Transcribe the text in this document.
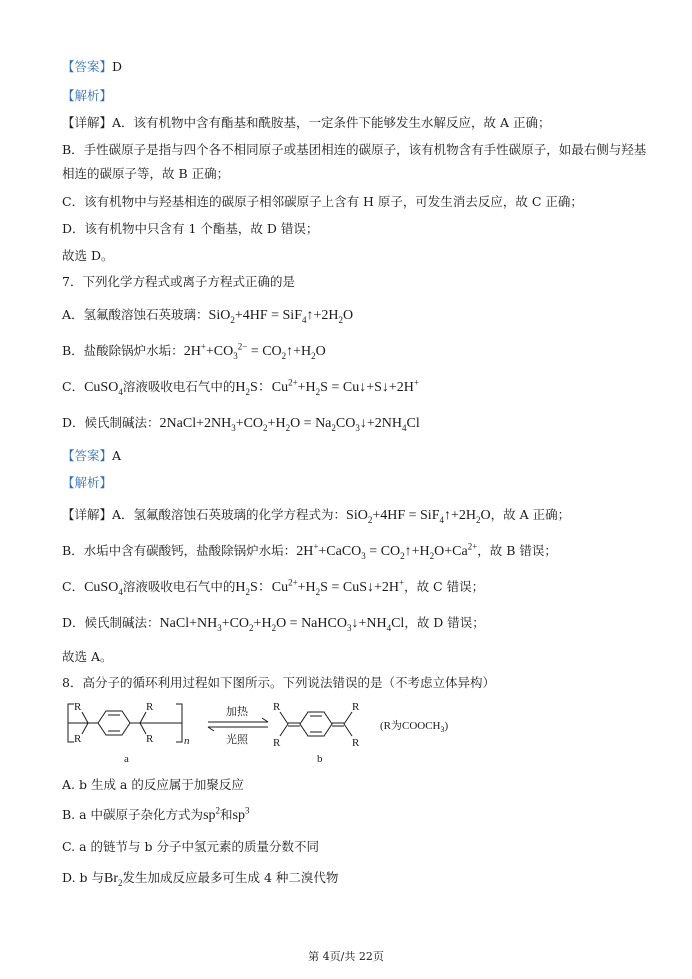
【答案】D
【解析】
【详解】A．该有机物中含有酯基和酰胺基，一定条件下能够发生水解反应，故 A 正确；
B．手性碳原子是指与四个各不相同原子或基团相连的碳原子，该有机物含有手性碳原子，如最右侧与羟基
相连的碳原子等，故 B 正确；
C．该有机物中与羟基相连的碳原子相邻碳原子上含有 H 原子，可发生消去反应，故 C 正确；
D．该有机物中只含有 1 个酯基，故 D 错误；
故选 D。
7．下列化学方程式或离子方程式正确的是
A．氢氟酸溶蚀石英玻璃：$SiO_2+4HF = SiF_4↑+2H_2O$
B．盐酸除锅炉水垢：$2H^++CO_3^{2-}$ = $CO_2↑+H_2O$
C．CuSO$_4$溶液吸收电石气中的$H_2S$：$Cu^{2+}+H_2S$ = Cu↓+S↓+2H+
D．候氏制碱法：$2NaCl+2NH_3+CO_2+H_2O$ = $Na_2CO_3↓+2NH_4Cl$
【答案】A
【解析】
【详解】A．氢氟酸溶蚀石英玻璃的化学方程式为：$SiO_2+4HF = SiF_4↑+2H_2O$，故 A 正确；
B．水垢中含有碳酸钙，盐酸除锅炉水垢：2H++CaCO$_3$ = $CO_2↑+H_2O+Ca^{2+}$，故 B 错误；
C．CuSO$_4$溶液吸收电石气中的$H_2S$：$Cu^{2+}+H_2S$ = CuS↓+2H+，故 C 错误；
D．候氏制碱法：$NaCl+NH_3+CO_2+H_2O$ = $NaHCO_3↓+NH_4Cl$，故 D 错误；
故选 A。
8．高分子的循环利用过程如下图所示。下列说法错误的是（不考虑立体异构）
R
R
R
R	n
R
R
R
R
a	b
加热
光照
(R为$COOCH_3$)
A. b 生成 a 的反应属于加聚反应
B. a 中碳原子杂化方式为$sp^2$和$sp^3$
C. a 的链节与 b 分子中氢元素的质量分数不同
D. b 与$Br_2$发生加成反应最多可生成 4 种二溴代物
第 4页/共 22页
